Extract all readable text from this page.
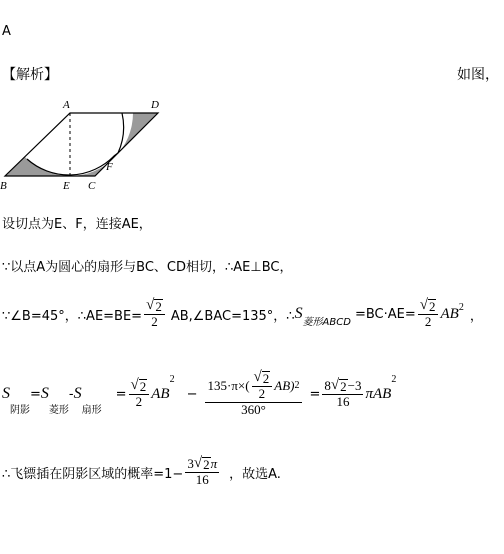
A
【解析】	如图，
A	D
B	E C
F
设切点为E、F，连接AE，
∵以点A为圆心的扇形与BC、CD相切，∴AE⊥BC，
∵∠B=45°，∴AE=BE= $\frac{√ 2}{2}$ AB,∠BAC=135°，∴ S
菱形ABCD
$=BC\cdot AE= \frac{√ 2}{2} AB^2$
，
S
阴影
= S
菱形
- S
扇形
= $\frac{√ 2}{2}$ AB
2
− $\frac{135\cdot\pi\times( \frac{√ 2}{2} AB) 2}{360^\circ} = \frac{8 √ 2 -3}{16}$ πAB
2
∴飞镖插在阴影区域的概率$=1- \frac{3 √ 2 \pi}{16}$ ，故选A.
